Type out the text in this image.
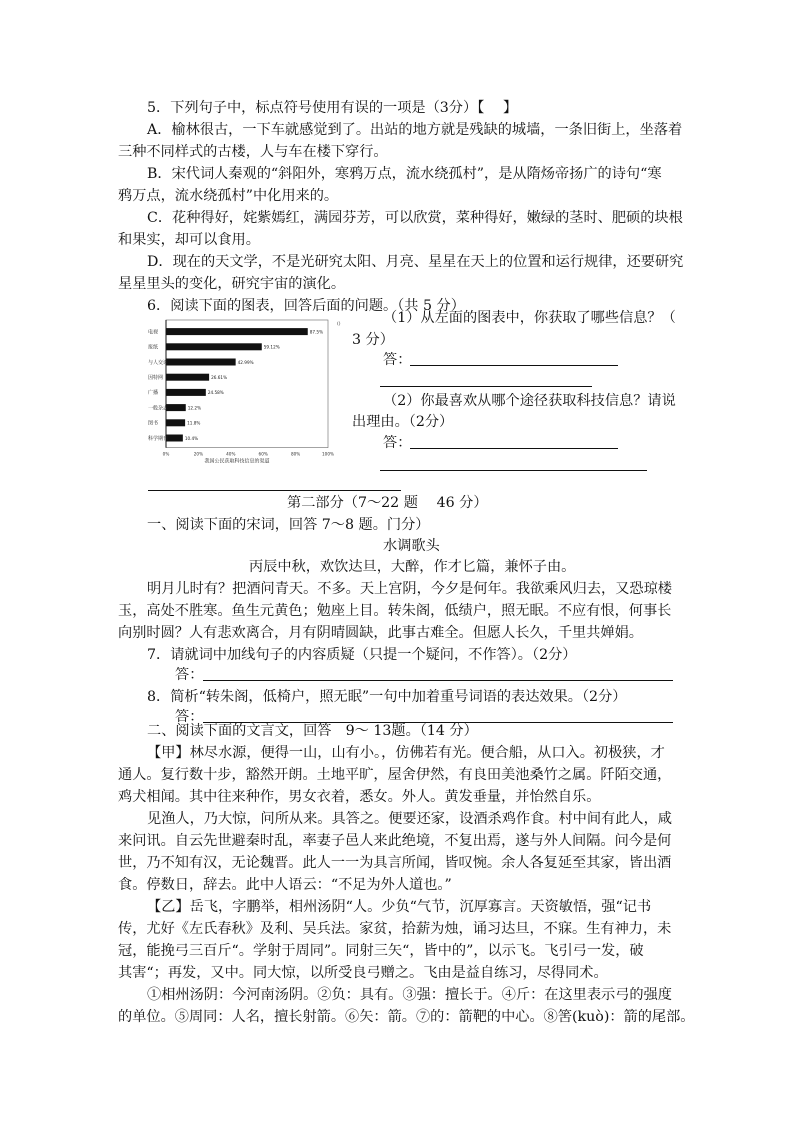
5．下列句子中，标点符号使用有误的一项是（3分）【　 】
A．榆林很古，一下车就感觉到了。出站的地方就是残缺的城墙，一条旧街上，坐落着
三种不同样式的古楼，人与车在楼下穿行。
B．宋代词人秦观的“斜阳外，寒鸦万点，流水绕孤村”，是从隋炀帝扬广的诗句“寒
鸦万点，流水绕孤村”中化用来的。
C．花种得好，姹紫嫣红，满园芬芳，可以欣赏，菜种得好，嫩绿的茎时、肥硕的块根
和果实，却可以食用。
D．现在的天文学，不是光研究太阳、月亮、星星在天上的位置和运行规律，还要研究
星星里头的变化，研究宇宙的演化。
6．阅读下面的图表，回答后面的问题。（共 5 分）
()
电视	87.5%
报纸	59.12%
与人交谈	42.99%
因特网	26.61%
广播	24.58%
一般杂志	12.2%
图书	11.8%
科学期刊	10.4%
0%	20%	40%	60%	80%	100%
我国公民获取科技信息的渠道
（1）从左面的图表中，你获取了哪些信息？（
3 分）
答：
（2）你最喜欢从哪个途径获取科技信息？请说
出理由。（2分）
答：
第二部分（7～22 题　 46 分）
一、阅读下面的宋词，回答 7～8 题。门分）
水调歌头
丙辰中秋，欢饮达旦，大醉，作才匕篇，兼怀子由。
明月儿时有？把酒问青天。不多。天上宫阴，今夕是何年。我欲乘风归去，又恐琼楼
玉，高处不胜寒。鱼生元黄色；勉座上目。转朱阁，低绩户，照无眠。不应有恨，何事长
向别时圆？人有悲欢离合，月有阴晴圆缺，此事古难全。但愿人长久，千里共婵娟。
7．请就词中加线句子的内容质疑（只提一个疑问，不作答）。（2分）
答：
8．简析“转朱阁，低椅户，照无眠”一句中加着重号词语的表达效果。（2分）
答：
二、阅读下面的文言文，回答　9～ 13题。（14 分）
【甲】林尽水源，便得一山，山有小。，仿佛若有光。便合船，从口入。初极狭，才
通人。复行数十步，豁然开朗。土地平旷，屋舍伊然，有良田美池桑竹之属。阡陌交通，
鸡犬相闻。其中往来种作，男女衣着，悉女。外人。黄发垂量，并怡然自乐。
见渔人，乃大惊，问所从来。具答之。便要还家，设酒杀鸡作食。村中间有此人，咸
来问讯。自云先世避秦时乱，率妻子邑人来此绝境，不复出焉，遂与外人间隔。问今是何
世，乃不知有汉，无论魏晋。此人一一为具言所闻，皆叹惋。余人各复延至其家，皆出酒
食。停数日，辞去。此中人语云：“不足为外人道也。”
【乙】岳飞，字鹏举，相州汤阴“人。少负“气节，沉厚寡言。天资敏悟，强“记书
传，尤好《左氏春秋》及利、吴兵法。家贫，拾薪为烛，诵习达旦，不寐。生有神力，未
冠，能挽弓三百斤“。学射于周同”。同射三矢“，皆中的”，以示飞。飞引弓一发，破
其害“；再发，又中。同大惊，以所受良弓赠之。飞由是益自练习，尽得同术。
①相州汤阴：今河南汤阴。②负：具有。③强：擅长于。④斤：在这里表示弓的强度
的单位。⑤周同：人名，擅长射箭。⑥矢：箭。⑦的：箭靶的中心。⑧筈(kuò)：箭的尾部。
